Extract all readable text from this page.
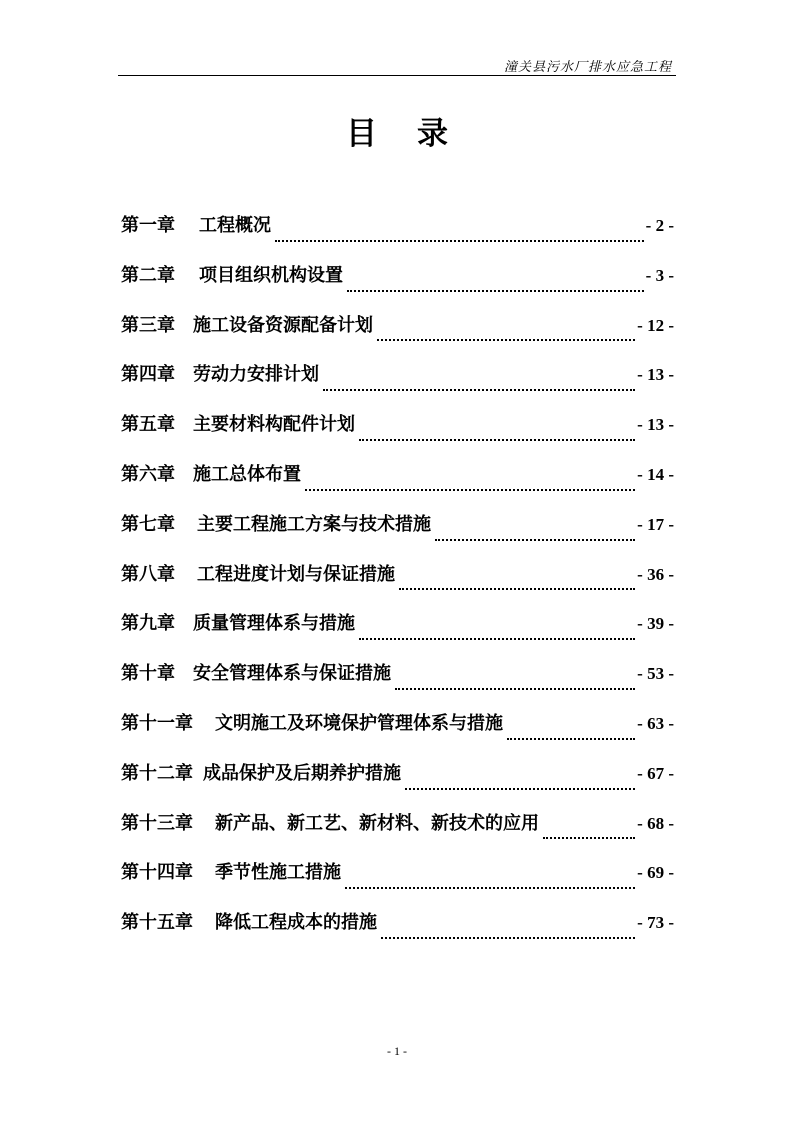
潼关县污水厂排水应急工程
目录
第一章 工程概况	- 2 -
第二章 项目组织机构设置	- 3 -
第三章 施工设备资源配备计划	- 12 -
第四章 劳动力安排计划	- 13 -
第五章 主要材料构配件计划	- 13 -
第六章 施工总体布置	- 14 -
第七章 主要工程施工方案与技术措施	- 17 -
第八章 工程进度计划与保证措施	- 36 -
第九章 质量管理体系与措施	- 39 -
第十章 安全管理体系与保证措施	- 53 -
第十一章 文明施工及环境保护管理体系与措施	- 63 -
第十二章 成品保护及后期养护措施	- 67 -
第十三章 新产品、新工艺、新材料、新技术的应用	- 68 -
第十四章 季节性施工措施	- 69 -
第十五章 降低工程成本的措施	- 73 -
- 1 -
